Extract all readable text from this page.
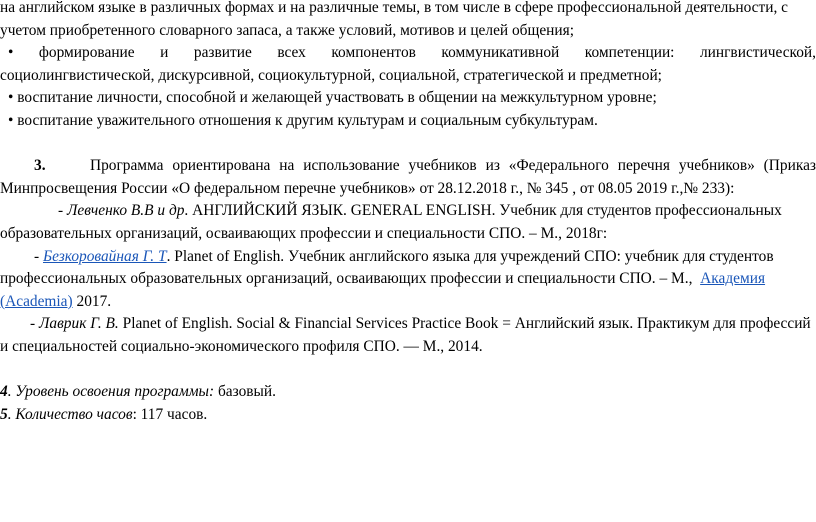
на английском языке в различных формах и на различные темы, в том числе в сфере профессиональной деятельности, с
учетом приобретенного словарного запаса, а также условий, мотивов и целей общения;
• формирование и развитие всех компонентов коммуникативной компетенции: лингвистической,
социолингвистической, дискурсивной, социокультурной, социальной, стратегической и предметной;
• воспитание личности, способной и желающей участвовать в общении на межкультурном уровне;
• воспитание уважительного отношения к другим культурам и социальным субкультурам.
3.	Программа ориентирована на использование учебников из «Федерального перечня учебников» (Приказ
Минпросвещения России «О федеральном перечне учебников» от 28.12.2018 г., № 345 , от 08.05 2019 г.,№ 233):
- Левченко В.В и др. АНГЛИЙСКИЙ ЯЗЫК. GENERAL ENGLISH. Учебник для студентов профессиональных
образовательных организаций, осваивающих профессии и специальности СПО. – М., 2018г:
- Безкоровайная Г. Т. Planet of English. Учебник английского языка для учреждений СПО: учебник для студентов
профессиональных образовательных организаций, осваивающих профессии и специальности СПО. – М., Академия
(Academia) 2017.
- Лаврик Г. В. Planet of English. Social & Financial Services Practice Book = Английский язык. Практикум для профессий
и специальностей социально-экономического профиля СПО. — М., 2014.
4. Уровень освоения программы: базовый.
5. Количество часов: 117 часов.
